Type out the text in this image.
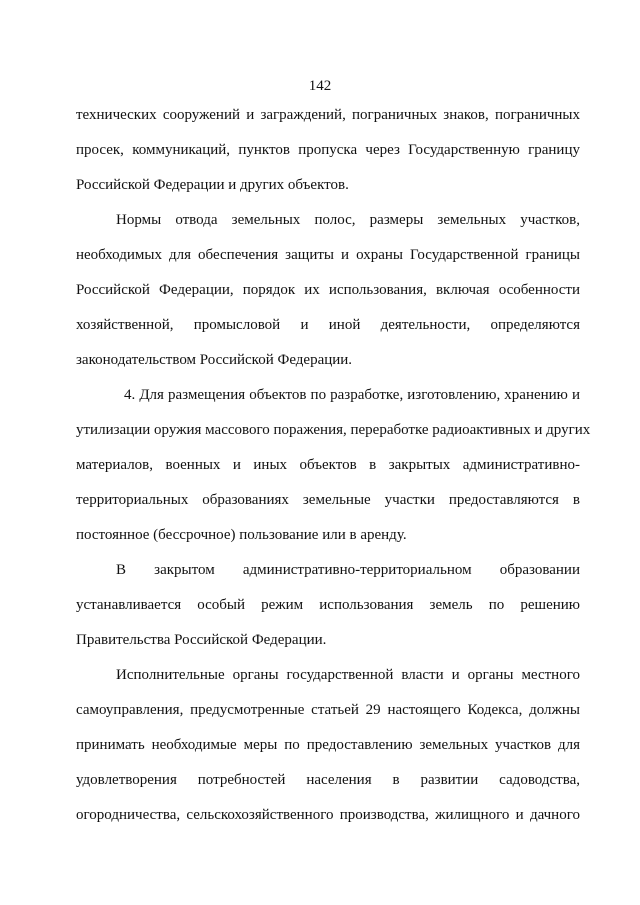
142
технических сооружений и заграждений, пограничных знаков, пограничных
просек, коммуникаций, пунктов пропуска через Государственную границу
Российской Федерации и других объектов.
Нормы отвода земельных полос, размеры земельных участков,
необходимых для обеспечения защиты и охраны Государственной границы
Российской Федерации, порядок их использования, включая особенности
хозяйственной, промысловой и иной деятельности, определяются
законодательством Российской Федерации.
4. Для размещения объектов по разработке, изготовлению, хранению и
утилизации оружия массового поражения, переработке радиоактивных и других
материалов, военных и иных объектов в закрытых административно-
территориальных образованиях земельные участки предоставляются в
постоянное (бессрочное) пользование или в аренду.
В закрытом административно-территориальном образовании
устанавливается особый режим использования земель по решению
Правительства Российской Федерации.
Исполнительные органы государственной власти и органы местного
самоуправления, предусмотренные статьей 29 настоящего Кодекса, должны
принимать необходимые меры по предоставлению земельных участков для
удовлетворения потребностей населения в развитии садоводства,
огородничества, сельскохозяйственного производства, жилищного и дачного
